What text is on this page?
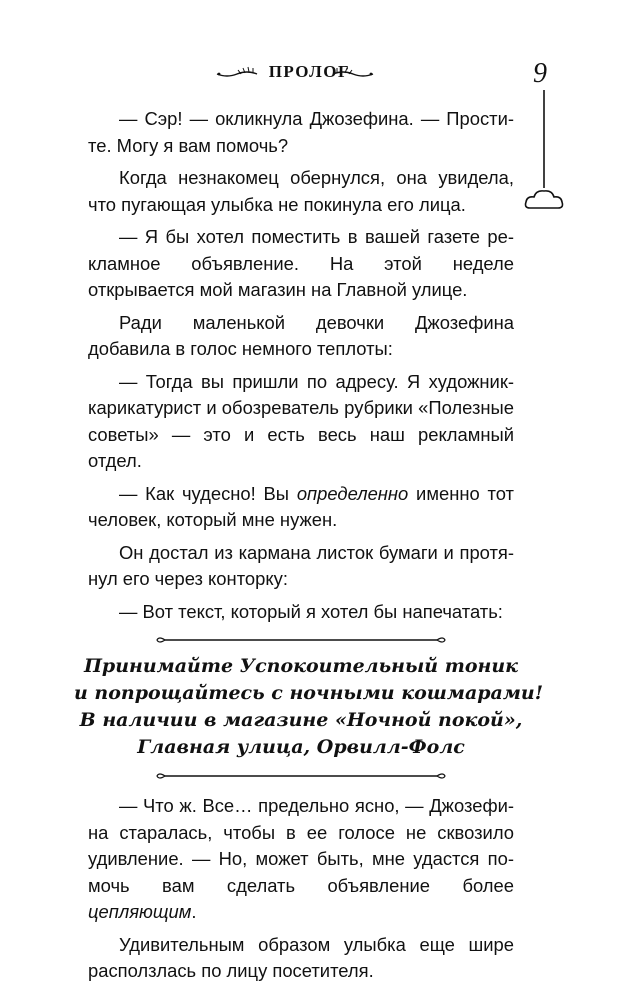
ПРОЛОГ	9

— Сэр! — окликнула Джозефина. — Простите. Могу я вам помочь?

Когда незнакомец обернулся, она увидела, что пугающая улыбка не покинула его лица.

— Я бы хотел поместить в вашей газете рекламное объявление. На этой неделе открывается мой магазин на Главной улице.

Ради маленькой девочки Джозефина добавила в голос немного теплоты:

— Тогда вы пришли по адресу. Я художник-карикатурист и обозреватель рубрики «Полезные советы» — это и есть весь наш рекламный отдел.

— Как чудесно! Вы определенно именно тот человек, который мне нужен.

Он достал из кармана листок бумаги и протянул его через конторку:

— Вот текст, который я хотел бы напечатать:

Принимайте Успокоительный тоник
и попрощайтесь с ночными кошмарами!
В наличии в магазине «Ночной покой»,
Главная улица, Орвилл-Фолс

— Что ж. Все… предельно ясно, — Джозефина старалась, чтобы в ее голосе не сквозило удивление. — Но, может быть, мне удастся помочь вам сделать объявление более цепляющим.

Удивительным образом улыбка еще шире расползлась по лицу посетителя.
